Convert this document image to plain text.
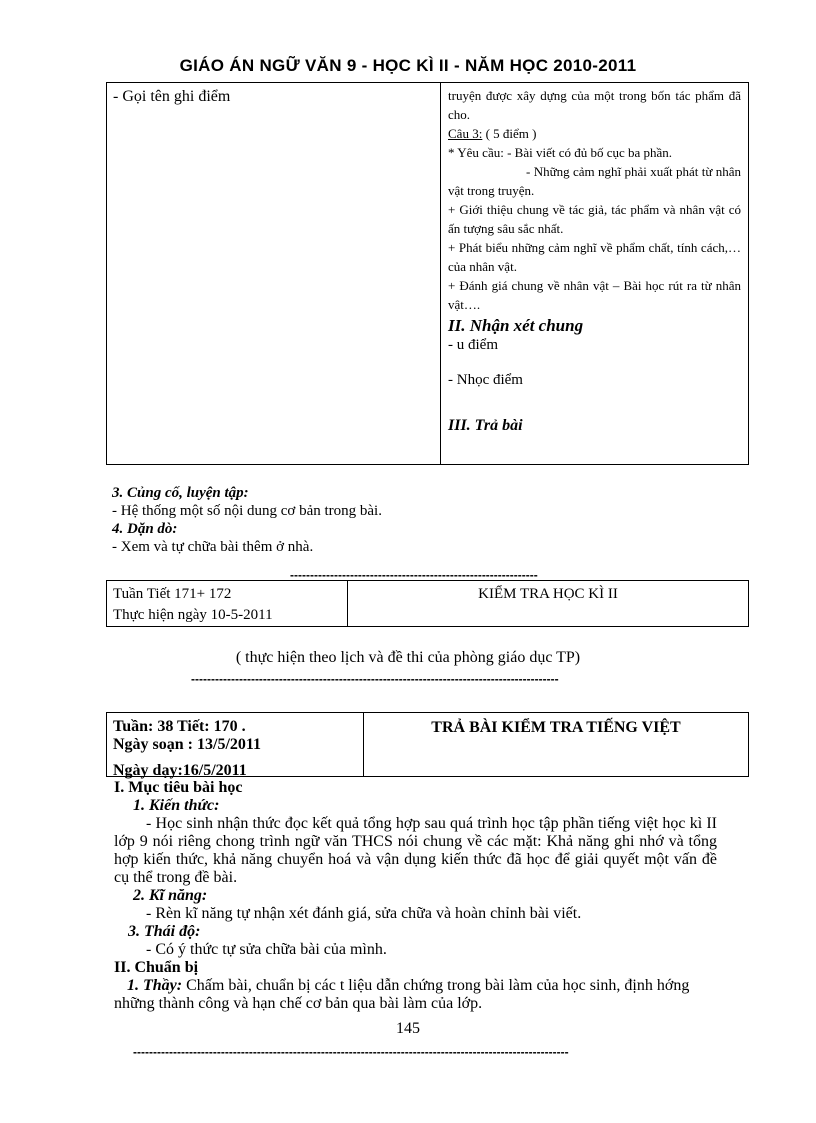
GIÁO ÁN NGỮ VĂN 9 - HỌC KÌ II - NĂM HỌC 2010-2011
- Gọi tên ghi điểm	truyện được xây dựng của một trong bốn tác phẩm đã cho.
Câu 3: ( 5 điểm )
* Yêu cầu: - Bài viết có đủ bố cục ba phần.
- Những cảm nghĩ phải xuất phát từ nhân vật trong truyện.
+ Giới thiệu chung về tác giả, tác phẩm và nhân vật có ấn tượng sâu sắc nhất.
+ Phát biểu những cảm nghĩ về phẩm chất, tính cách,… của nhân vật.
+ Đánh giá chung về nhân vật – Bài học rút ra từ nhân vật….
II. Nhận xét chung
- u điểm
- Nhọc điểm
III. Trả bài
3. Củng cố, luyện tập:
- Hệ thống một số nội dung cơ bản trong bài.
4. Dặn dò:
- Xem và tự chữa bài thêm ở nhà.
--------------------------------------------------------------
Tuần Tiết 171+ 172
Thực hiện ngày 10-5-2011
KIỂM TRA HỌC KÌ II
( thực hiện theo lịch và đề thi của phòng giáo dục TP)
--------------------------------------------------------------------------------------------
Tuần: 38 Tiết: 170 .
Ngày soạn : 13/5/2011
Ngày dạy:16/5/2011
TRẢ BÀI KIỂM TRA TIẾNG VIỆT
I. Mục tiêu bài học
1. Kiến thức:
- Học sinh nhận thức đọc kết quả tổng hợp sau quá trình học tập phần tiếng việt học kì II lớp 9 nói riêng chong trình ngữ văn THCS nói chung về các mặt: Khả năng ghi nhớ và tổng hợp kiến thức, khả năng chuyển hoá và vận dụng kiến thức đã học để giải quyết một vấn đề cụ thể trong đề bài.
2. Kĩ năng:
- Rèn kĩ năng tự nhận xét đánh giá, sửa chữa và hoàn chỉnh bài viết.
3. Thái độ:
- Có ý thức tự sửa chữa bài của mình.
II. Chuẩn bị
1. Thầy: Chấm bài, chuẩn bị các t liệu dẫn chứng trong bài làm của học sinh, định hớng những thành công và hạn chế cơ bản qua bài làm của lớp.
145
-------------------------------------------------------------------------------------------------------------
